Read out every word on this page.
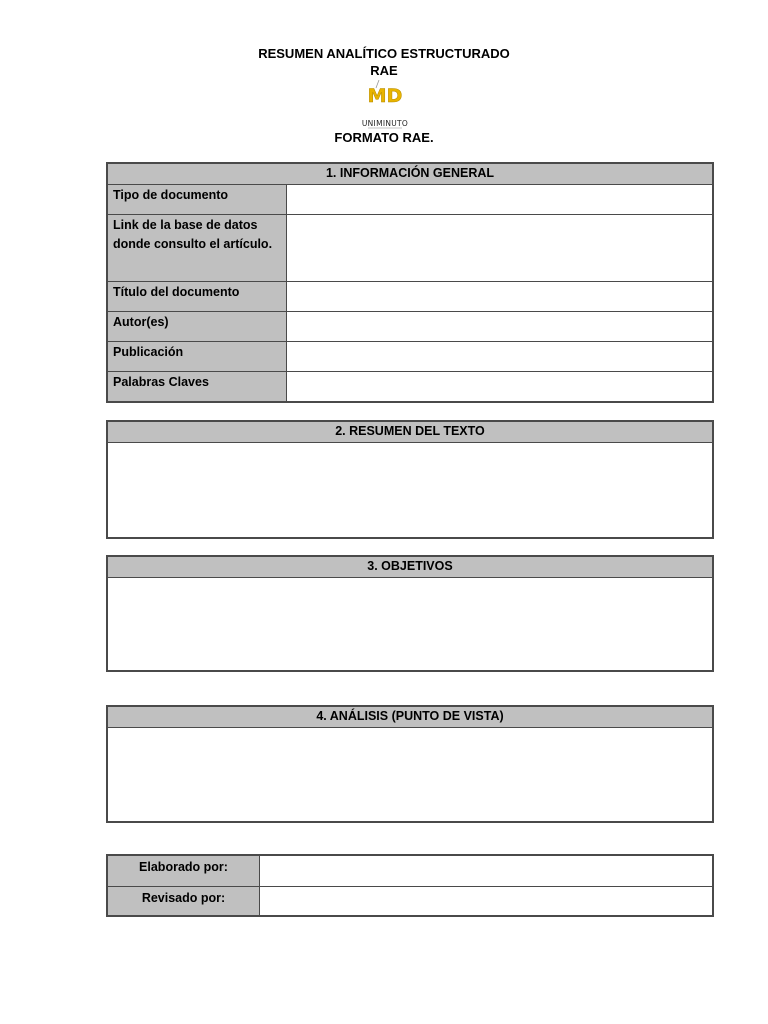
RESUMEN ANALÍTICO ESTRUCTURADO
RAE
MD
UNIMINUTO
FORMATO RAE.
1. INFORMACIÓN GENERAL	
Tipo de documento	
Link de la base de datos donde consulto el artículo.	
Título del documento	
Autor(es)	
Publicación	
Palabras Claves	
2. RESUMEN DEL TEXTO

3. OBJETIVOS

4. ANÁLISIS (PUNTO DE VISTA)

Elaborado por:	
Revisado por:	
